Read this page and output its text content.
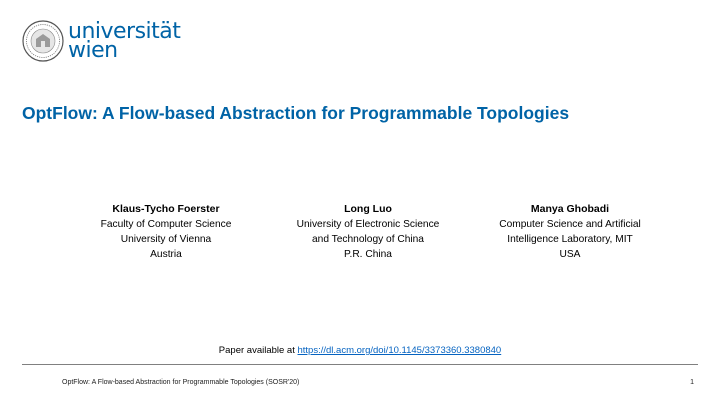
universität
wien
OptFlow: A Flow-based Abstraction for Programmable Topologies
Klaus-Tycho Foerster
Faculty of Computer Science
University of Vienna
Austria
Long Luo
University of Electronic Science
and Technology of China
P.R. China
Manya Ghobadi
Computer Science and Artificial
Intelligence Laboratory, MIT
USA
Paper available at https://dl.acm.org/doi/10.1145/3373360.3380840
OptFlow: A Flow-based Abstraction for Programmable Topologies (SOSR'20)	1
